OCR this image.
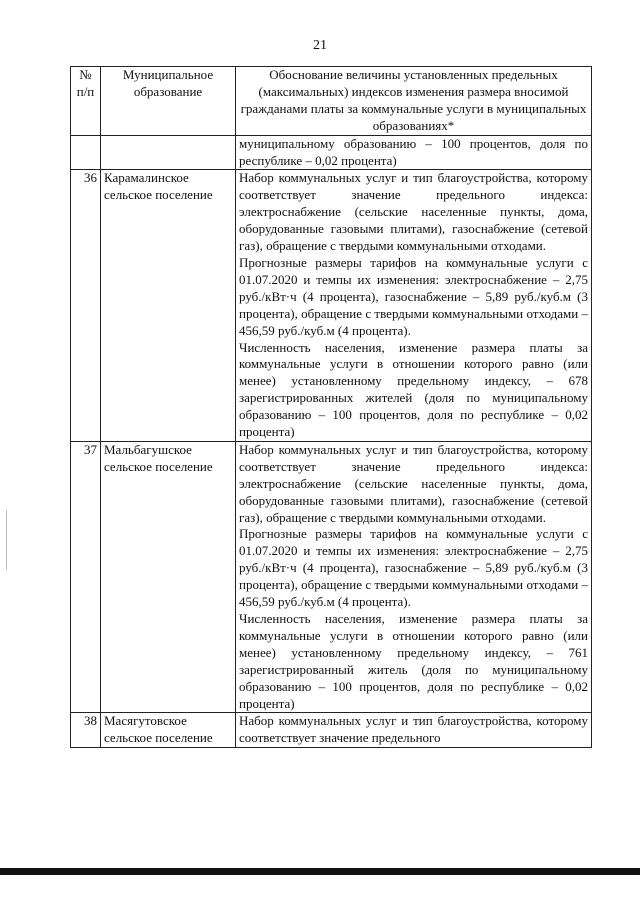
21
№
п/п	Муниципальное образование	Обоснование величины установленных предельных (максимальных) индексов изменения размера вносимой гражданами платы за коммунальные услуги в муниципальных образованиях*
		муниципальному образованию – 100 процентов, доля по республике – 0,02 процента)
36	Карамалинское сельское поселение	Набор коммунальных услуг и тип благоустройства, которому соответствует значение предельного индекса: электроснабжение (сельские населенные пункты, дома, оборудованные газовыми плитами), газоснабжение (сетевой газ), обращение с твердыми коммунальными отходами.
Прогнозные размеры тарифов на коммунальные услуги с 01.07.2020 и темпы их изменения: электроснабжение – 2,75 руб./кВт·ч (4 процента), газоснабжение – 5,89 руб./куб.м (3 процента), обращение с твердыми коммунальными отходами – 456,59 руб./куб.м (4 процента).
Численность населения, изменение размера платы за коммунальные услуги в отношении которого равно (или менее) установленному предельному индексу, – 678 зарегистрированных жителей (доля по муниципальному образованию – 100 процентов, доля по республике – 0,02 процента)

37	Мальбагушское сельское поселение	Набор коммунальных услуг и тип благоустройства, которому соответствует значение предельного индекса: электроснабжение (сельские населенные пункты, дома, оборудованные газовыми плитами), газоснабжение (сетевой газ), обращение с твердыми коммунальными отходами.
Прогнозные размеры тарифов на коммунальные услуги с 01.07.2020 и темпы их изменения: электроснабжение – 2,75 руб./кВт·ч (4 процента), газоснабжение – 5,89 руб./куб.м (3 процента), обращение с твердыми коммунальными отходами – 456,59 руб./куб.м (4 процента).
Численность населения, изменение размера платы за коммунальные услуги в отношении которого равно (или менее) установленному предельному индексу, – 761 зарегистрированный житель (доля по муниципальному образованию – 100 процентов, доля по республике – 0,02 процента)

38	Масягутовское сельское поселение	Набор коммунальных услуг и тип благоустройства, которому соответствует значение предельного
